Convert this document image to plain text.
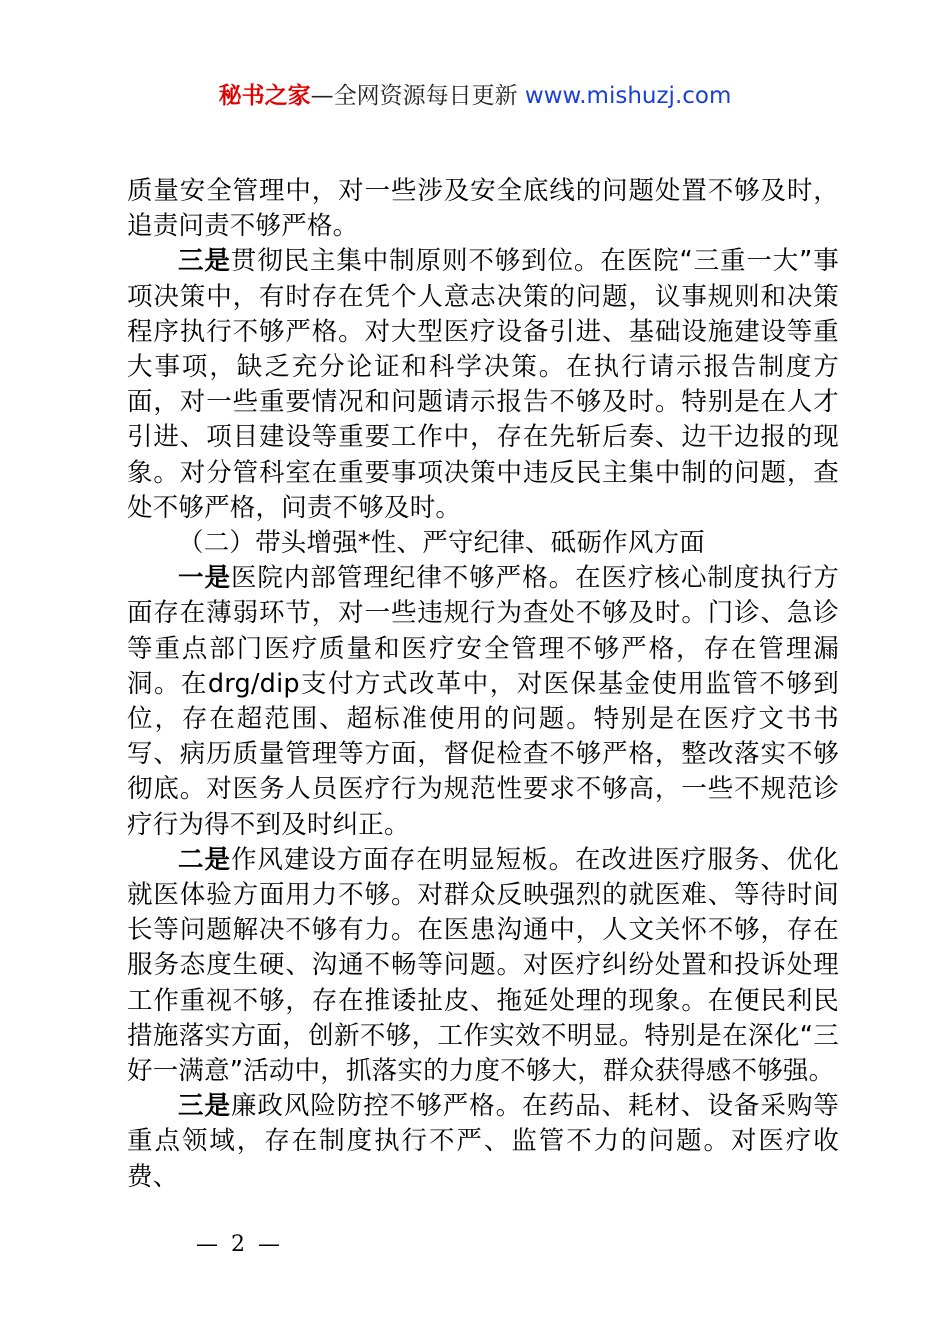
秘书之家—全网资源每日更新 www.mishuzj.com

质量安全管理中，对一些涉及安全底线的问题处置不够及时，追责问责不够严格。

三是贯彻民主集中制原则不够到位。在医院“三重一大”事项决策中，有时存在凭个人意志决策的问题，议事规则和决策程序执行不够严格。对大型医疗设备引进、基础设施建设等重大事项，缺乏充分论证和科学决策。在执行请示报告制度方面，对一些重要情况和问题请示报告不够及时。特别是在人才引进、项目建设等重要工作中，存在先斩后奏、边干边报的现象。对分管科室在重要事项决策中违反民主集中制的问题，查处不够严格，问责不够及时。

（二）带头增强*性、严守纪律、砥砺作风方面

一是医院内部管理纪律不够严格。在医疗核心制度执行方面存在薄弱环节，对一些违规行为查处不够及时。门诊、急诊等重点部门医疗质量和医疗安全管理不够严格，存在管理漏洞。在drg/dip支付方式改革中，对医保基金使用监管不够到位，存在超范围、超标准使用的问题。特别是在医疗文书书写、病历质量管理等方面，督促检查不够严格，整改落实不够彻底。对医务人员医疗行为规范性要求不够高，一些不规范诊疗行为得不到及时纠正。

二是作风建设方面存在明显短板。在改进医疗服务、优化就医体验方面用力不够。对群众反映强烈的就医难、等待时间长等问题解决不够有力。在医患沟通中，人文关怀不够，存在服务态度生硬、沟通不畅等问题。对医疗纠纷处置和投诉处理工作重视不够，存在推诿扯皮、拖延处理的现象。在便民利民措施落实方面，创新不够，工作实效不明显。特别是在深化“三好一满意”活动中，抓落实的力度不够大，群众获得感不够强。

三是廉政风险防控不够严格。在药品、耗材、设备采购等重点领域，存在制度执行不严、监管不力的问题。对医疗收费、

— 2 —
